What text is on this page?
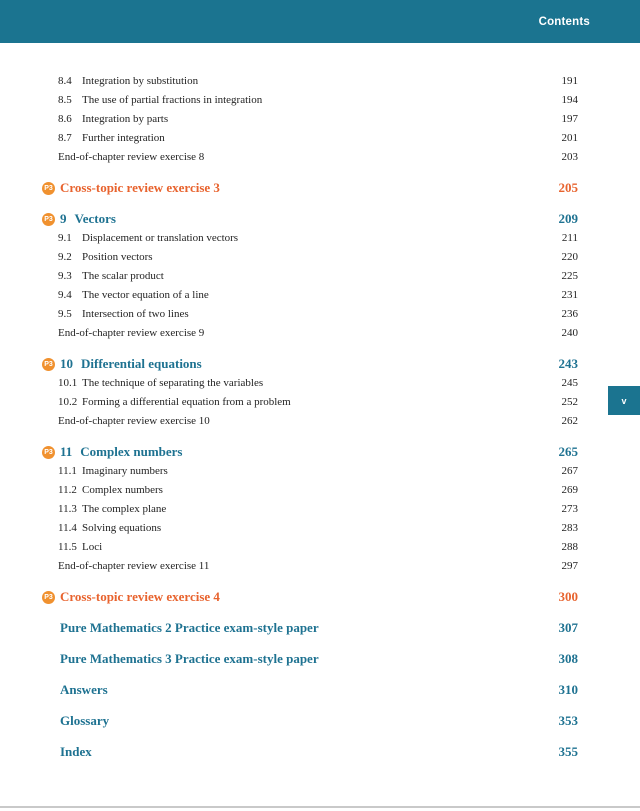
Contents
8.4 Integration by substitution	191
8.5 The use of partial fractions in integration	194
8.6 Integration by parts	197
8.7 Further integration	201
End-of-chapter review exercise 8	203
P3 Cross-topic review exercise 3	205
P3 9 Vectors	209
9.1 Displacement or translation vectors	211
9.2 Position vectors	220
9.3 The scalar product	225
9.4 The vector equation of a line	231
9.5 Intersection of two lines	236
End-of-chapter review exercise 9	240
P3 10 Differential equations	243
10.1 The technique of separating the variables	245
10.2 Forming a differential equation from a problem	252
End-of-chapter review exercise 10	262
P3 11 Complex numbers	265
11.1 Imaginary numbers	267
11.2 Complex numbers	269
11.3 The complex plane	273
11.4 Solving equations	283
11.5 Loci	288
End-of-chapter review exercise 11	297
P3 Cross-topic review exercise 4	300
Pure Mathematics 2 Practice exam-style paper	307
Pure Mathematics 3 Practice exam-style paper	308
Answers	310
Glossary	353
Index	355
v
